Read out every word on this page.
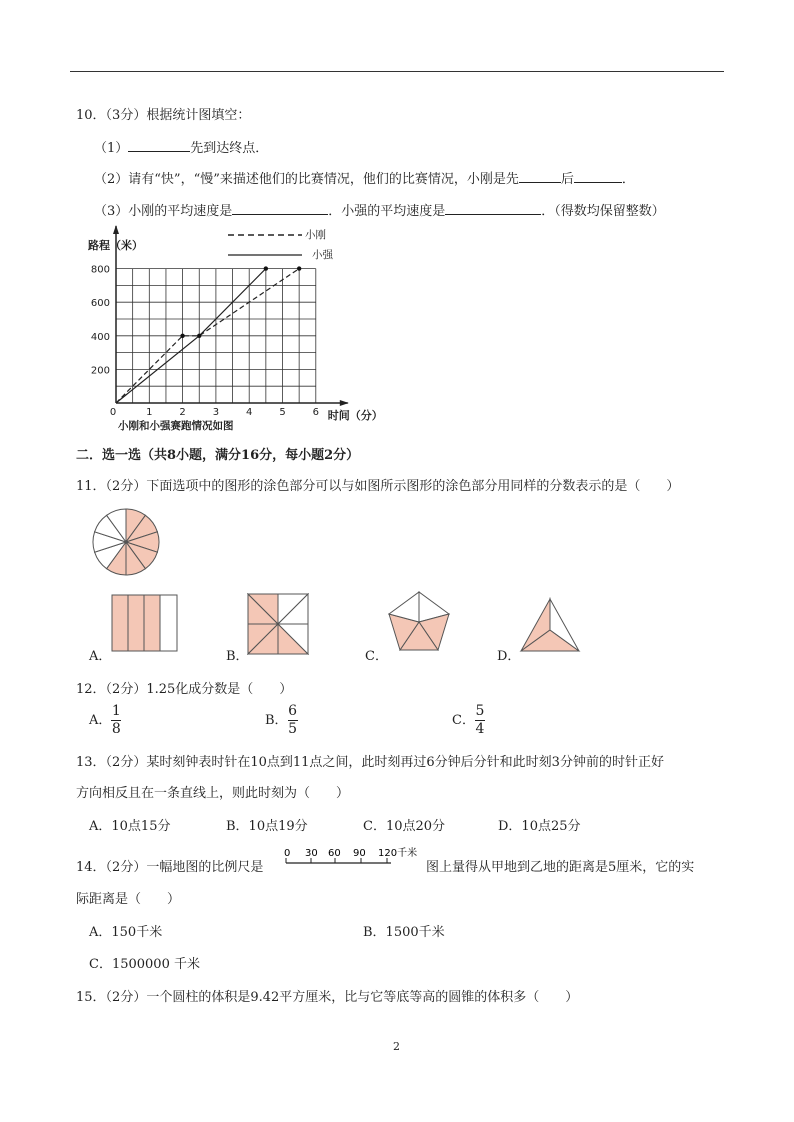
10．（3分）根据统计图填空：
（1）	先到达终点．
（2）请有“快”，“慢”来描述他们的比赛情况，他们的比赛情况，小刚是先	后	．
（3）小刚的平均速度是	．小强的平均速度是	．（得数均保留整数）
路程（米）
200
400
600
800
0	1	2	3	4	5	6 时间（分）
小刚和小强赛跑情况如图
小刚
小强
二．选一选（共8小题，满分16分，每小题2分）
11．（2分）下面选项中的图形的涂色部分可以与如图所示图形的涂色部分用同样的分数表示的是（　　）
A．	B．	C．	D．
12．（2分）1.25化成分数是（　　）
A． $\frac{1}{8}$	B． $\frac{6}{5}$	C． $\frac{5}{4}$
13．（2分）某时刻钟表时针在10点到11点之间，此时刻再过6分钟后分针和此时刻3分钟前的时针正好
方向相反且在一条直线上，则此时刻为（　　）
A．10点15分	B．10点19分	C．10点20分	D．10点25分
14．（2分）一幅地图的比例尺是
0 30 60 90 120千米
图上量得从甲地到乙地的距离是5厘米，它的实
际距离是（　　）
A．150千米	B．1500千米
C．1500000 千米
15．（2分）一个圆柱的体积是9.42平方厘米，比与它等底等高的圆锥的体积多（　　）
2
